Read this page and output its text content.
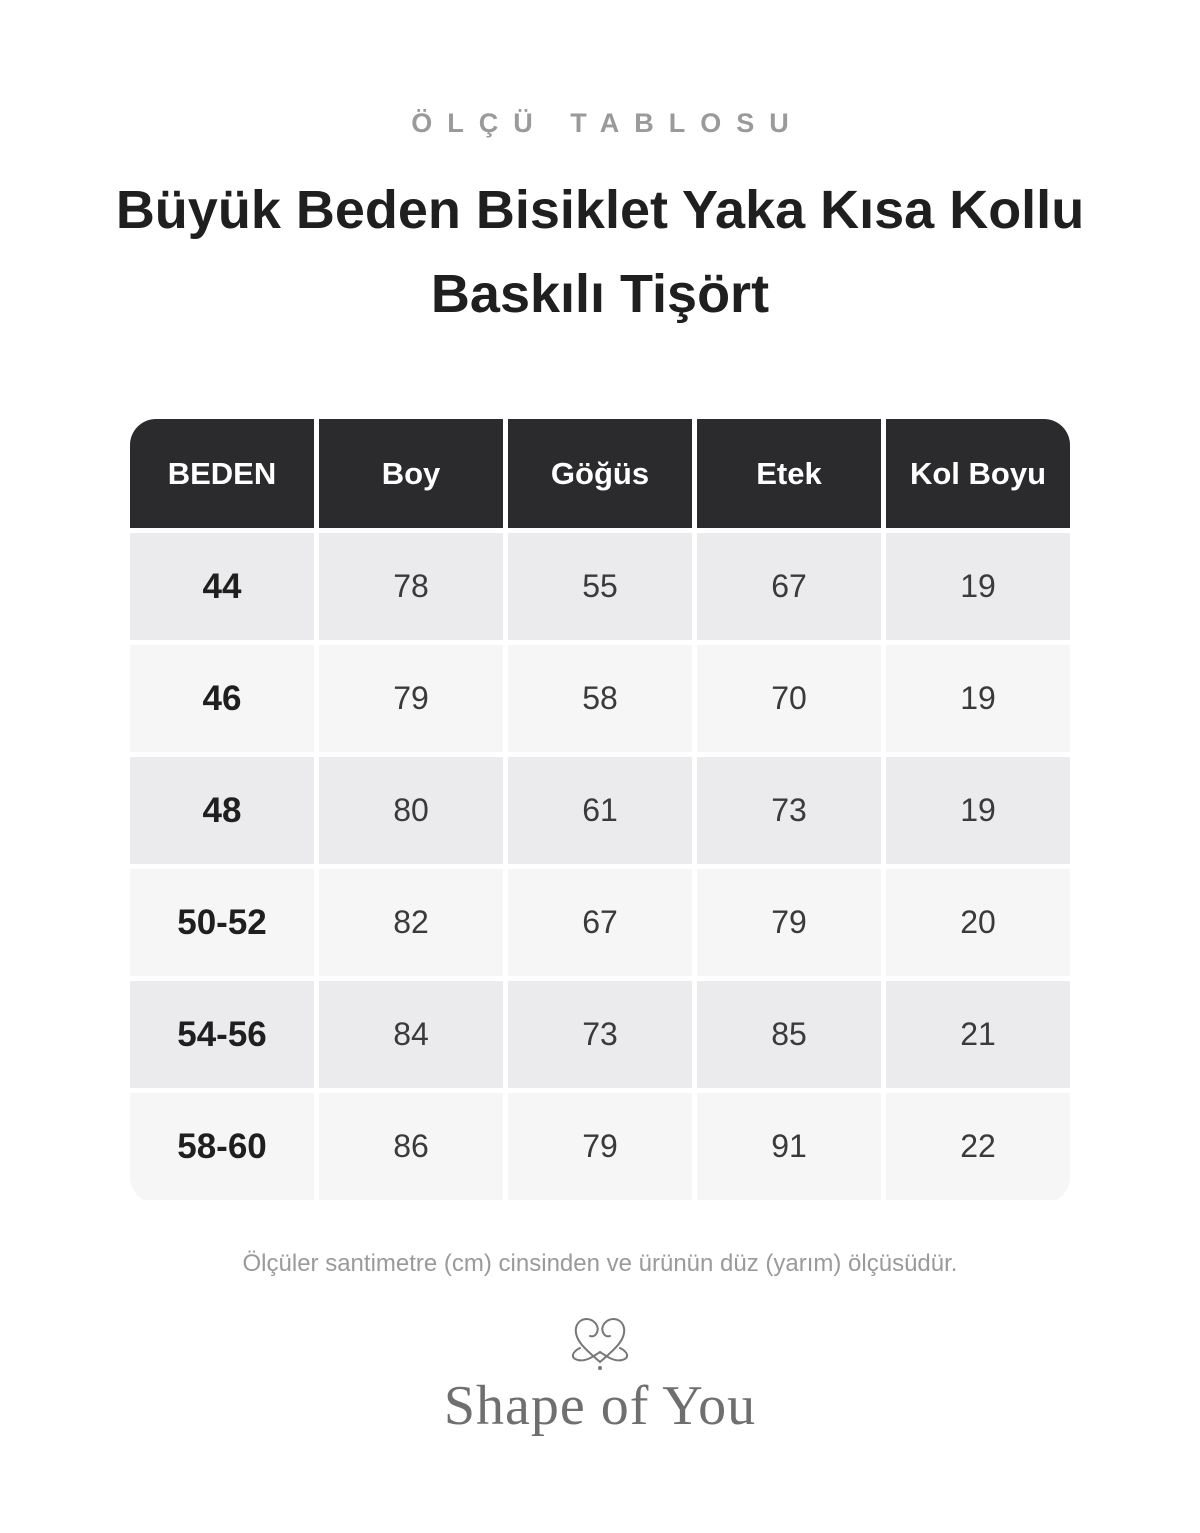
ÖLÇÜ TABLOSU
Büyük Beden Bisiklet Yaka Kısa Kollu Baskılı Tişört
BEDEN	Boy	Göğüs	Etek	Kol Boyu
44	78	55	67	19
46	79	58	70	19
48	80	61	73	19
50-52	82	67	79	20
54-56	84	73	85	21
58-60	86	79	91	22
Ölçüler santimetre (cm) cinsinden ve ürünün düz (yarım) ölçüsüdür.
Shape of You
